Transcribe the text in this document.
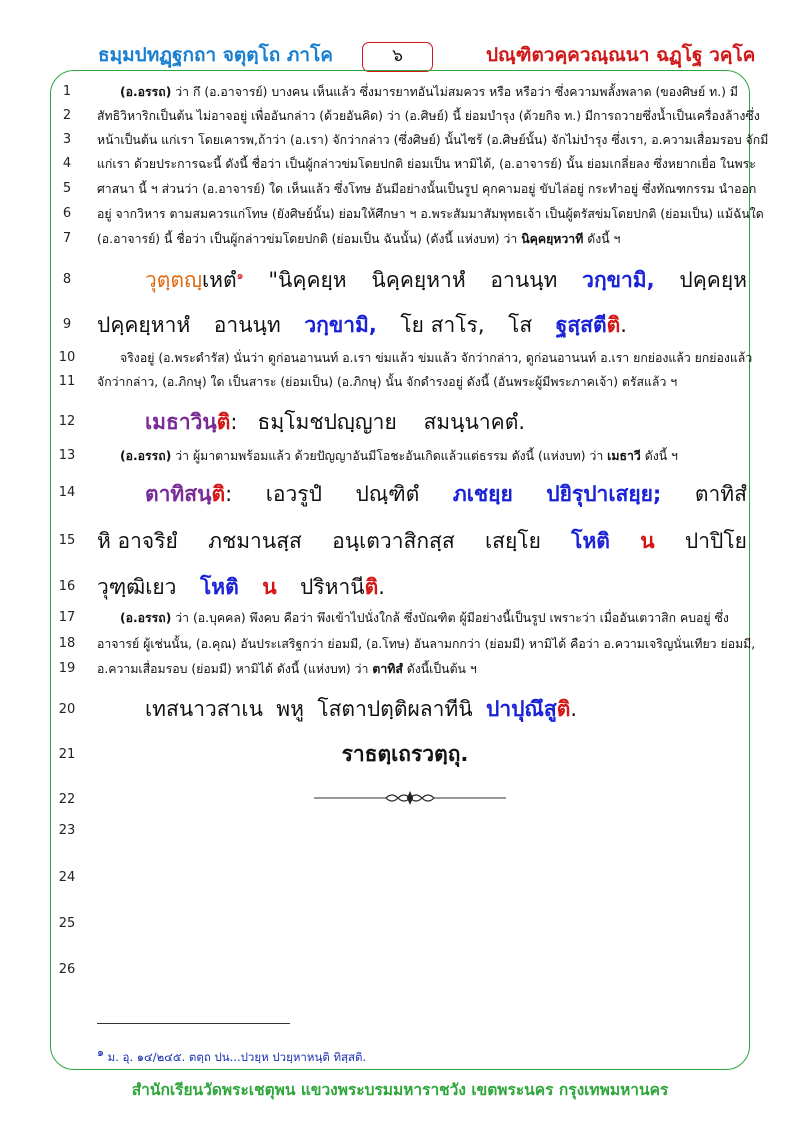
ธมฺมปทฏฺฐกถา จตุตฺโถ ภาโค	๖	ปณฺฑิตวคฺควณฺณนา ฉฏฺโฐ วคฺโค
1
2
3
4
5
6
7
8
9
10
11
12
13
14
15
16
17
18
19
20
21
22
23
24
25
26
(อ.อรรถ) ว่า กึ (อ.อาจารย์) บางคน เห็นแล้ว ซึ่งมารยาทอันไม่สมควร หรือ หรือว่า ซึ่งความพลั้งพลาด (ของศิษย์ ท.) มี
สัทธิวิหาริกเป็นต้น ไม่อาจอยู่ เพื่ออันกล่าว (ด้วยอันคิด) ว่า (อ.ศิษย์) นี้ ย่อมบำรุง (ด้วยกิจ ท.) มีการถวายซึ่งน้ำเป็นเครื่องล้างซึ่ง
หน้าเป็นต้น แก่เรา โดยเคารพ,ถ้าว่า (อ.เรา) จักว่ากล่าว (ซึ่งศิษย์) นั้นไซร้ (อ.ศิษย์นั้น) จักไม่บำรุง ซึ่งเรา, อ.ความเสื่อมรอบ จักมี
แก่เรา ด้วยประการฉะนี้ ดังนี้ ชื่อว่า เป็นผู้กล่าวข่มโดยปกติ ย่อมเป็น หามิได้, (อ.อาจารย์) นั้น ย่อมเกลี่ยลง ซึ่งหยากเยื่อ ในพระ
ศาสนา นี้ ฯ ส่วนว่า (อ.อาจารย์) ใด เห็นแล้ว ซึ่งโทษ อันมีอย่างนั้นเป็นรูป คุกคามอยู่ ขับไล่อยู่ กระทำอยู่ ซึ่งทัณฑกรรม นำออก
อยู่ จากวิหาร ตามสมควรแก่โทษ (ยังศิษย์นั้น) ย่อมให้ศึกษา ฯ อ.พระสัมมาสัมพุทธเจ้า เป็นผู้ตรัสข่มโดยปกติ (ย่อมเป็น) แม้ฉันใด
(อ.อาจารย์) นี้ ชื่อว่า เป็นผู้กล่าวข่มโดยปกติ (ย่อมเป็น ฉันนั้น) (ดังนี้ แห่งบท) ว่า นิคฺคยฺหวาที ดังนี้ ฯ
วุตฺตญฺเหตํ$^๑$ "นิคฺคยฺห นิคฺคยฺหาหํ อานนฺท วกฺขามิ, ปคฺคยฺห
ปคฺคยฺหาหํ อานนฺท วกฺขามิ, โย สาโร, โส ฐสฺสตีติ.
จริงอยู่ (อ.พระดำรัส) นั่นว่า ดูก่อนอานนท์ อ.เรา ข่มแล้ว ข่มแล้ว จักว่ากล่าว, ดูก่อนอานนท์ อ.เรา ยกย่องแล้ว ยกย่องแล้ว
จักว่ากล่าว, (อ.ภิกษุ) ใด เป็นสาระ (ย่อมเป็น) (อ.ภิกษุ) นั้น จักดำรงอยู่ ดังนี้ (อันพระผู้มีพระภาคเจ้า) ตรัสแล้ว ฯ
เมธาวินฺติ: ธมฺโมชปญฺญาย สมนฺนาคตํ.
(อ.อรรถ) ว่า ผู้มาตามพร้อมแล้ว ด้วยปัญญาอันมีโอชะอันเกิดแล้วแต่ธรรม ดังนี้ (แห่งบท) ว่า เมธาวี ดังนี้ ฯ
ตาทิสนฺติ: เอวรูปํ ปณฺฑิตํ ภเชยฺย ปยิรุปาเสยฺย; ตาทิสํ
หิ อาจริยํ ภชมานสฺส อนฺเตวาสิกสฺส เสยฺโย โหติ น ปาปิโย
วุฑฺฒิเยว โหติ น ปริหานีติ.
(อ.อรรถ) ว่า (อ.บุคคล) พึงคบ คือว่า พึงเข้าไปนั่งใกล้ ซึ่งบัณฑิต ผู้มีอย่างนี้เป็นรูป เพราะว่า เมื่ออันเตวาสิก คบอยู่ ซึ่ง
อาจารย์ ผู้เช่นนั้น, (อ.คุณ) อันประเสริฐกว่า ย่อมมี, (อ.โทษ) อันลามกกว่า (ย่อมมี) หามิได้ คือว่า อ.ความเจริญนั่นเทียว ย่อมมี,
อ.ความเสื่อมรอบ (ย่อมมี) หามิได้ ดังนี้ (แห่งบท) ว่า ตาทิสํ ดังนี้เป็นต้น ฯ
เทสนาวสาเน พหู โสตาปตฺติผลาทีนิ ปาปุณึสูติ.
ราธตฺเถรวตฺถุ.
$^๑$ ม. อุ. ๑๔/๒๔๕. ตตฺถ ปน...ปวยฺห ปวยฺหาหนฺติ ทิสฺสติ.
สำนักเรียนวัดพระเชตุพน แขวงพระบรมมหาราชวัง เขตพระนคร กรุงเทพมหานคร
